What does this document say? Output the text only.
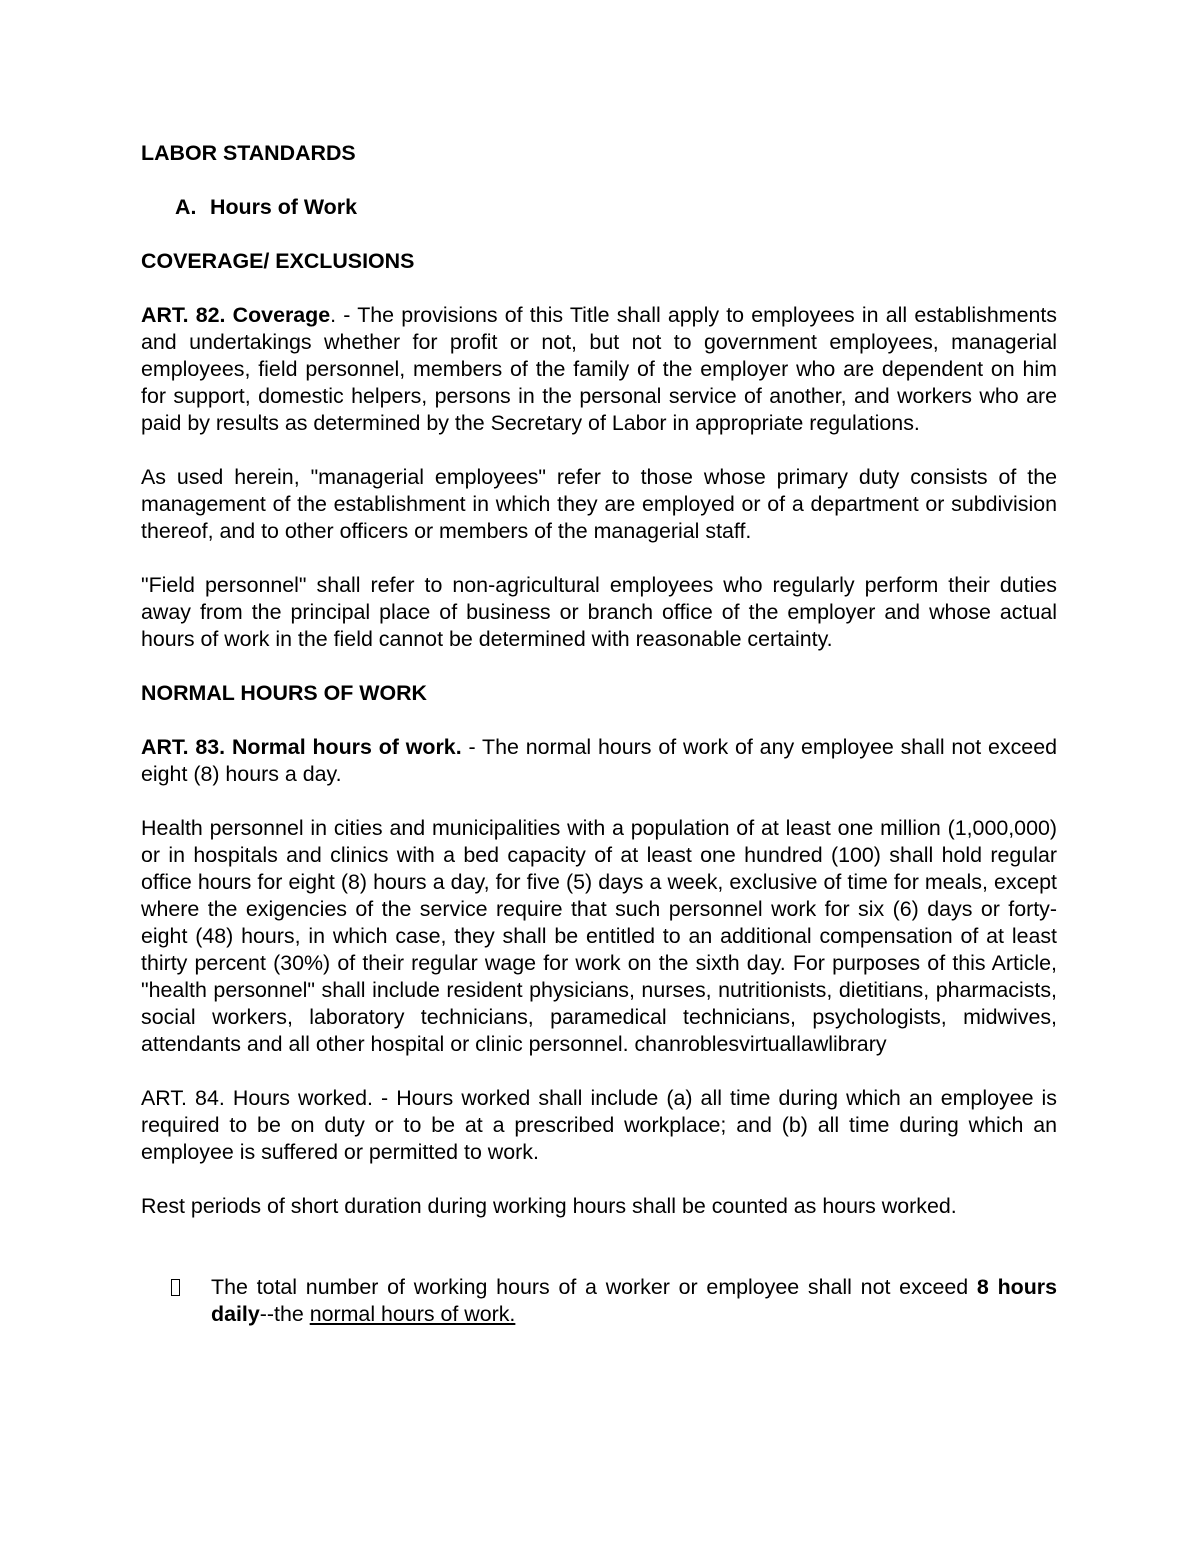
LABOR STANDARDS
A. Hours of Work
COVERAGE/ EXCLUSIONS

ART. 82. Coverage. - The provisions of this Title shall apply to employees in all establishments and undertakings whether for profit or not, but not to government employees, managerial employees, field personnel, members of the family of the employer who are dependent on him for support, domestic helpers, persons in the personal service of another, and workers who are paid by results as determined by the Secretary of Labor in appropriate regulations.

As used herein, "managerial employees" refer to those whose primary duty consists of the management of the establishment in which they are employed or of a department or subdivision thereof, and to other officers or members of the managerial staff.

"Field personnel" shall refer to non-agricultural employees who regularly perform their duties away from the principal place of business or branch office of the employer and whose actual hours of work in the field cannot be determined with reasonable certainty.

NORMAL HOURS OF WORK

ART. 83. Normal hours of work. - The normal hours of work of any employee shall not exceed eight (8) hours a day.

Health personnel in cities and municipalities with a population of at least one million (1,000,000) or in hospitals and clinics with a bed capacity of at least one hundred (100) shall hold regular office hours for eight (8) hours a day, for five (5) days a week, exclusive of time for meals, except where the exigencies of the service require that such personnel work for six (6) days or forty-eight (48) hours, in which case, they shall be entitled to an additional compensation of at least thirty percent (30%) of their regular wage for work on the sixth day. For purposes of this Article, "health personnel" shall include resident physicians, nurses, nutritionists, dietitians, pharmacists, social workers, laboratory technicians, paramedical technicians, psychologists, midwives, attendants and all other hospital or clinic personnel. chanroblesvirtuallawlibrary

ART. 84. Hours worked. - Hours worked shall include (a) all time during which an employee is required to be on duty or to be at a prescribed workplace; and (b) all time during which an employee is suffered or permitted to work.

Rest periods of short duration during working hours shall be counted as hours worked.

The total number of working hours of a worker or employee shall not exceed 8 hours daily--the normal hours of work.
